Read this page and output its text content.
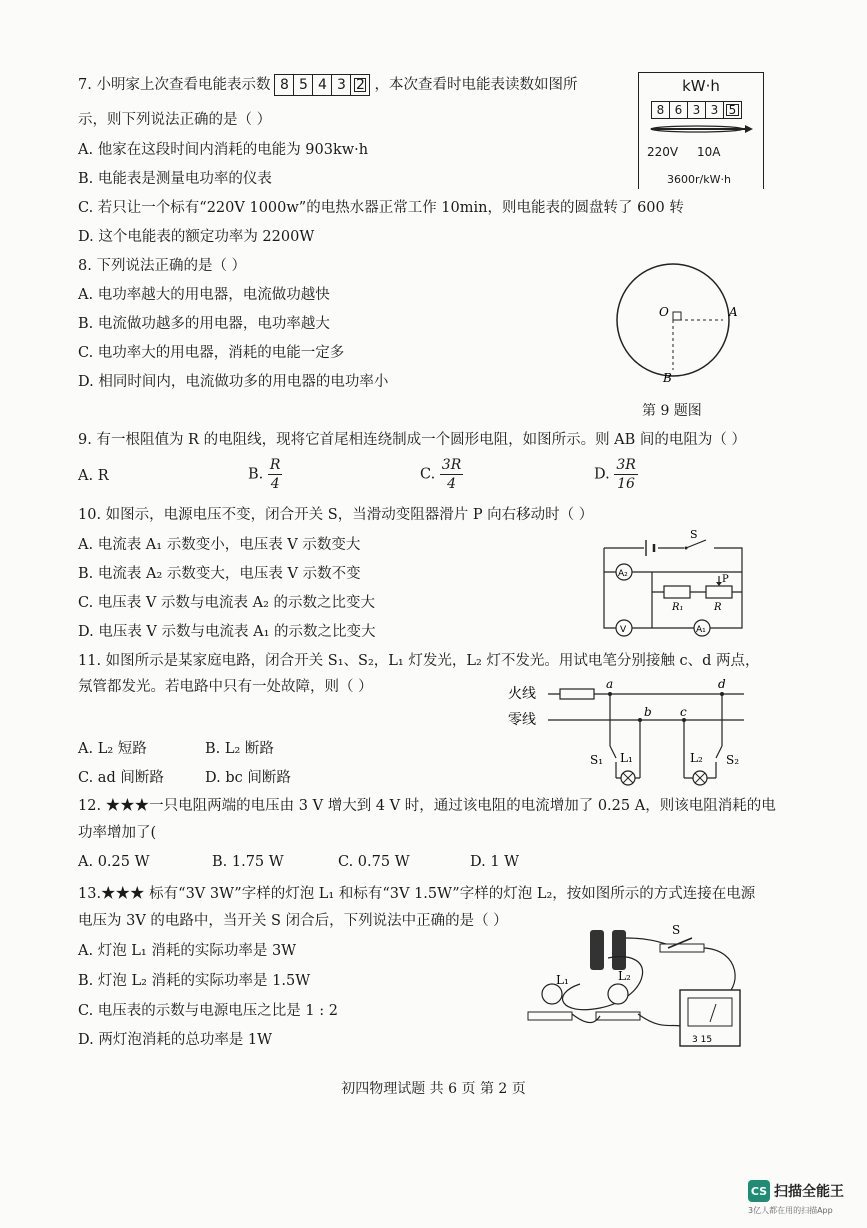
7. 小明家上次查看电能表示数 8 5 4 3 2 ，本次查看时电能表读数如图所
示，则下列说法正确的是（ ）
A. 他家在这段时间内消耗的电能为 903kw·h
B. 电能表是测量电功率的仪表
C. 若只让一个标有“220V 1000w”的电热水器正常工作 10min，则电能表的圆盘转了 600 转
D. 这个电能表的额定功率为 2200W
kW·h
8 6 3 3 5
220V 10A
3600r/kW·h
8. 下列说法正确的是（ ）
A. 电功率越大的用电器，电流做功越快
B. 电流做功越多的用电器，电功率越大
C. 电功率大的用电器，消耗的电能一定多
D. 相同时间内，电流做功多的用电器的电功率小
O	A
B
第 9 题图
9. 有一根阻值为 R 的电阻线，现将它首尾相连绕制成一个圆形电阻，如图所示。则 AB 间的电阻为（ ）
A. R	B. $\frac{R}{4}$	C. $\frac{3R}{4}$	D. $\frac{3R}{16}$
10. 如图示，电源电压不变，闭合开关 S，当滑动变阻器滑片 P 向右移动时（ ）
A. 电流表 A₁ 示数变小，电压表 V 示数变大
B. 电流表 A₂ 示数变大，电压表 V 示数不变
C. 电压表 V 示数与电流表 A₂ 的示数之比变大
D. 电压表 V 示数与电流表 A₁ 的示数之比变大
S
A₂	P
R₁	R
V	A₁
11. 如图所示是某家庭电路，闭合开关 S₁、S₂，L₁ 灯发光，L₂ 灯不发光。用试电笔分别接触 c、d 两点，
氖管都发光。若电路中只有一处故障，则（ ）
A. L₂ 短路	B. L₂ 断路
C. ad 间断路	D. bc 间断路
火线
零线
a	d
b c
S₁ L₁	L₂ S₂
12. ★★★一只电阻两端的电压由 3 V 增大到 4 V 时，通过该电阻的电流增加了 0.25 A，则该电阻消耗的电
功率增加了(
A. 0.25 W	B. 1.75 W	C. 0.75 W	D. 1 W
13.★★★ 标有“3V 3W”字样的灯泡 L₁ 和标有“3V 1.5W”字样的灯泡 L₂，按如图所示的方式连接在电源
电压为 3V 的电路中，当开关 S 闭合后，下列说法中正确的是（ ）
A. 灯泡 L₁ 消耗的实际功率是 3W
B. 灯泡 L₂ 消耗的实际功率是 1.5W
C. 电压表的示数与电源电压之比是 1 : 2
D. 两灯泡消耗的总功率是 1W
S
L₁	L₂
3 15
初四物理试题 共 6 页 第 2 页
CS 扫描全能王
3亿人都在用的扫描App
